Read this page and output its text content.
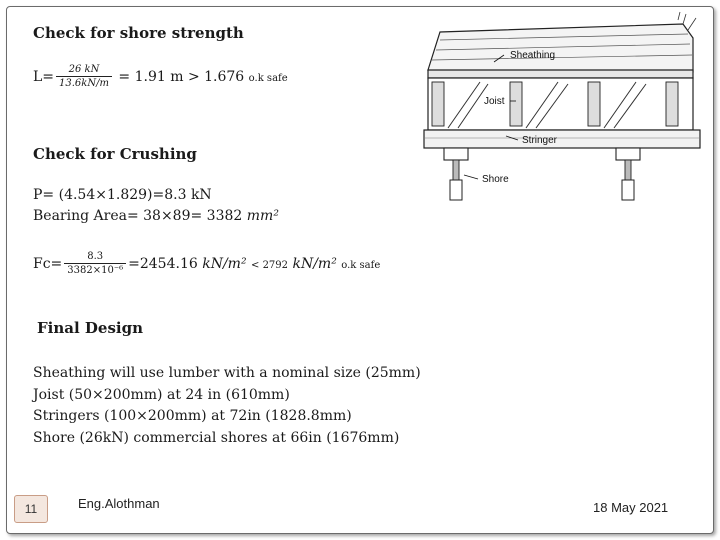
Check for shore strength
$L= \frac{26 kN}{13.6kN/m} = 1.91$ m > 1.676 o.k safe
Check for Crushing
P= (4.54×1.829)=8.3 kN
Bearing Area= 38×89= 3382 mm²
$Fc= \frac{8.3}{\text{3382×10⁻⁶}} =2454.16$ kN/m² < 2792 kN/m² o.k safe
Final Design
Sheathing will use lumber with a nominal size (25mm)
Joist (50×200mm) at 24 in (610mm)
Stringers (100×200mm) at 72in (1828.8mm)
Shore (26kN) commercial shores at 66in (1676mm)
Sheathing
Joist
Stringer
Shore
11	Eng.Alothman	18 May 2021
